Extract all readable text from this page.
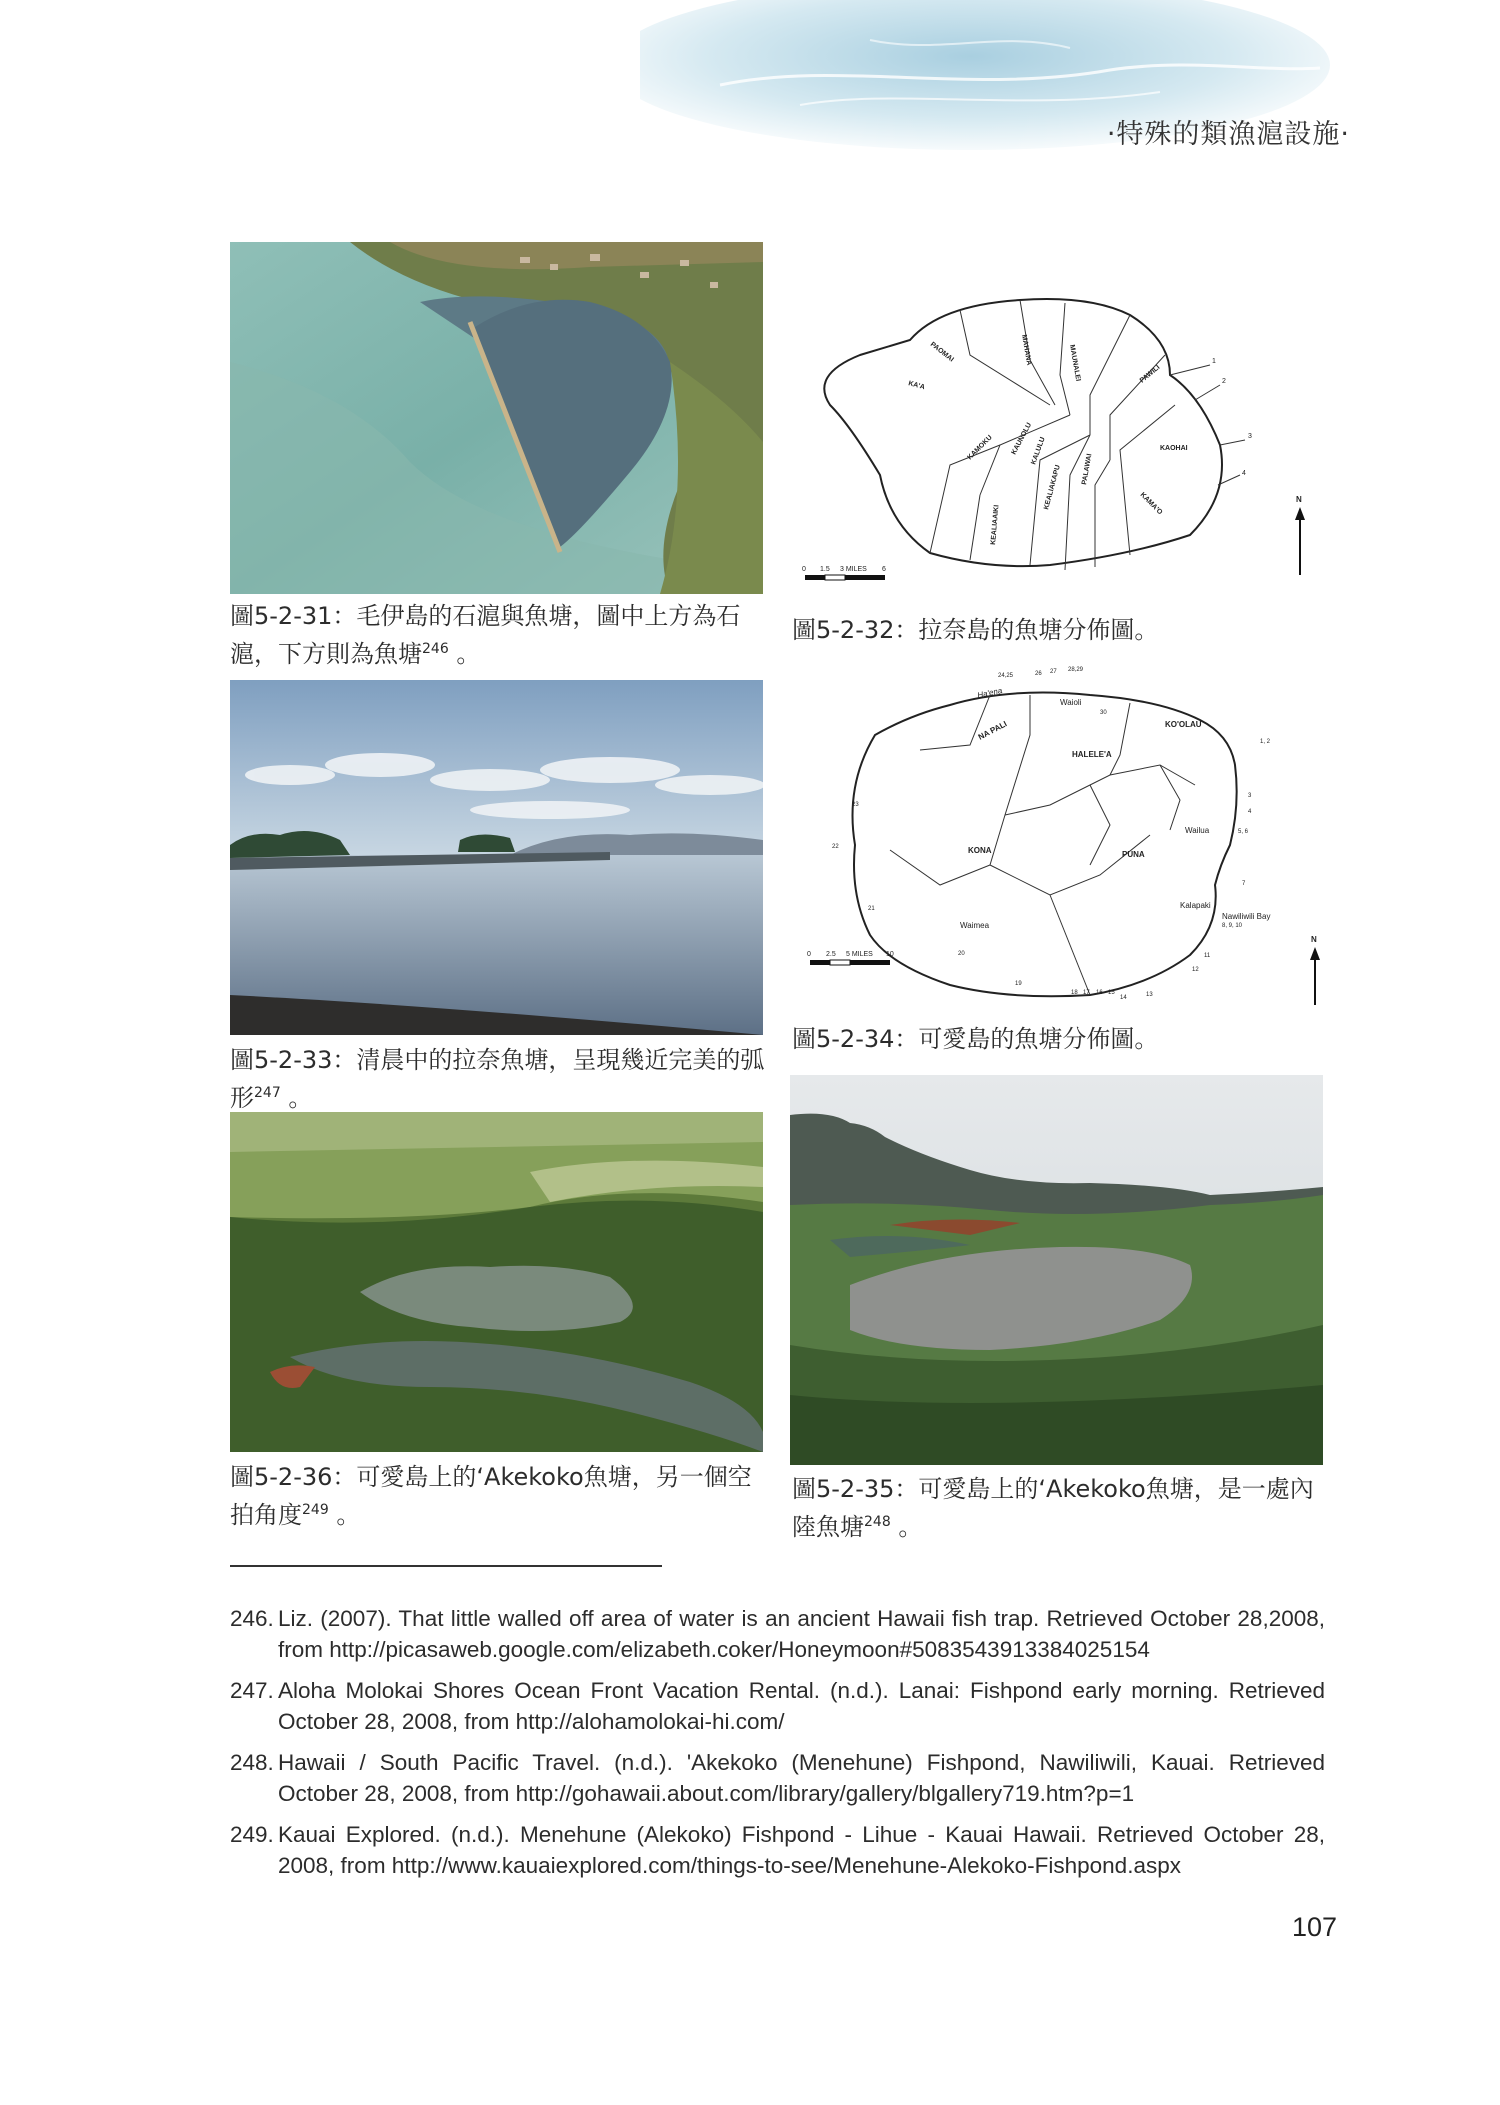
‧特殊的類漁滬設施‧
PAOMAI	MAHANA	MAUNALEI
KA'A
PAWILI
KAMOKU	KAOHAI
KAUNOLU
KALULU
PALAWAI
KEALIAKAPU	KAMA'O
KEALIAAIKI
1
2
3
4
0 1.5 3 MILES 6
N
圖5-2-31：毛伊島的石滬與魚塘，圖中上方為石滬，下方則為魚塘$^{246}$ 。
圖5-2-32：拉奈島的魚塘分佈圖。
Ha'ena
Waioli
NA PALI	KO'OLAU
HALELE'A
KONA	PUNA
Wailua
Kalapaki
Nawiliwili Bay
Waimea
24,25	26 27 28,29
30
1, 2
3
4
5, 6
7
8, 9, 10
11
12
13
14
15
16
17
18
19
20
21
22
23
0 2.5 5 MILES 10
N
圖5-2-33：清晨中的拉奈魚塘，呈現幾近完美的弧形$^{247}$ 。
圖5-2-34：可愛島的魚塘分佈圖。
圖5-2-36：可愛島上的‘Akekoko魚塘，另一個空拍角度$^{249}$ 。
圖5-2-35：可愛島上的‘Akekoko魚塘，是一處內陸魚塘$^{248}$ 。
246. Liz. (2007). That little walled off area of water is an ancient Hawaii fish trap. Retrieved October 28,2008, from http://picasaweb.google.com/elizabeth.coker/Honeymoon#5083543913384025154
247. Aloha Molokai Shores Ocean Front Vacation Rental. (n.d.). Lanai: Fishpond early morning. Retrieved October 28, 2008, from http://alohamolokai-hi.com/
248. Hawaii / South Pacific Travel. (n.d.). 'Akekoko (Menehune) Fishpond, Nawiliwili, Kauai. Retrieved October 28, 2008, from http://gohawaii.about.com/library/gallery/blgallery719.htm?p=1
249. Kauai Explored. (n.d.). Menehune (Alekoko) Fishpond - Lihue - Kauai Hawaii. Retrieved October 28, 2008, from http://www.kauaiexplored.com/things-to-see/Menehune-Alekoko-Fishpond.aspx
107
